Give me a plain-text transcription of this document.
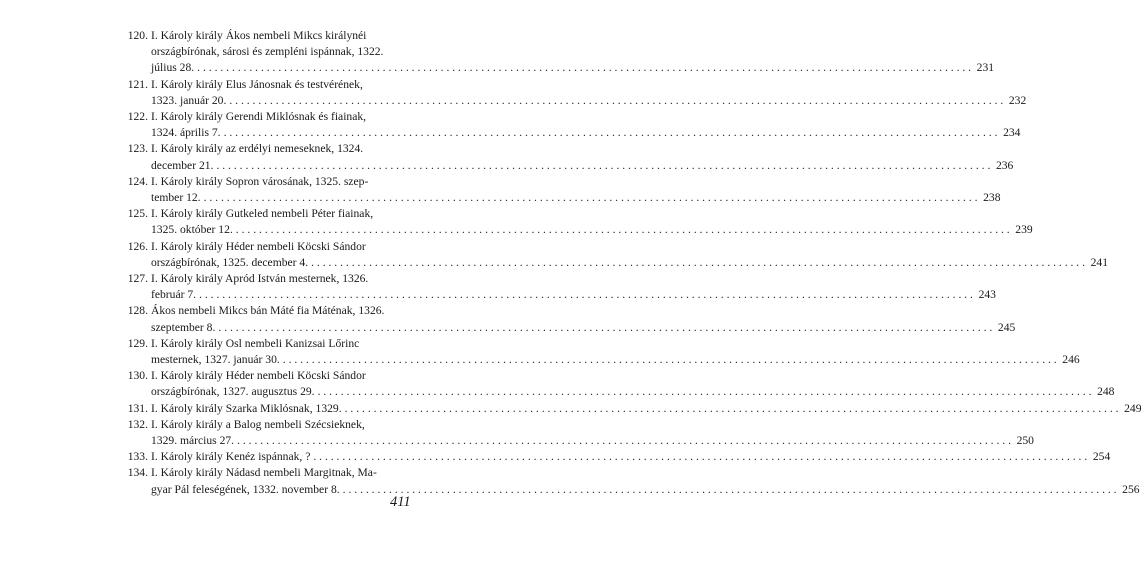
120. I. Károly király Ákos nembeli Mikcs királynéi
országbírónak, sárosi és zempléni ispánnak, 1322.
július 28. . . .	231
121. I. Károly király Elus Jánosnak és testvérének,
1323. január 20. . . .	232
122. I. Károly király Gerendi Miklósnak és fiainak,
1324. április 7. . . .	234
123. I. Károly király az erdélyi nemeseknek, 1324.
december 21. . . .	236
124. I. Károly király Sopron városának, 1325. szep-
tember 12. . . .	238
125. I. Károly király Gutkeled nembeli Péter fiainak,
1325. október 12. . . .	239
126. I. Károly király Héder nembeli Köcski Sándor
országbírónak, 1325. december 4. . . .	241
127. I. Károly király Apród István mesternek, 1326.
február 7. . . .	243
128. Ákos nembeli Mikcs bán Máté fia Máténak, 1326.
szeptember 8. . . .	245
129. I. Károly király Osl nembeli Kanizsai Lőrinc
mesternek, 1327. január 30. . . .	246
130. I. Károly király Héder nembeli Köcski Sándor
országbírónak, 1327. augusztus 29. . . .	248
131. I. Károly király Szarka Miklósnak, 1329. . . .	249
132. I. Károly király a Balog nembeli Szécsieknek,
1329. március 27. . . .	250
133. I. Károly király Kenéz ispánnak, ? . . .	254
134. I. Károly király Nádasd nembeli Margitnak, Ma-
gyar Pál feleségének, 1332. november 8. . . .	256
411
